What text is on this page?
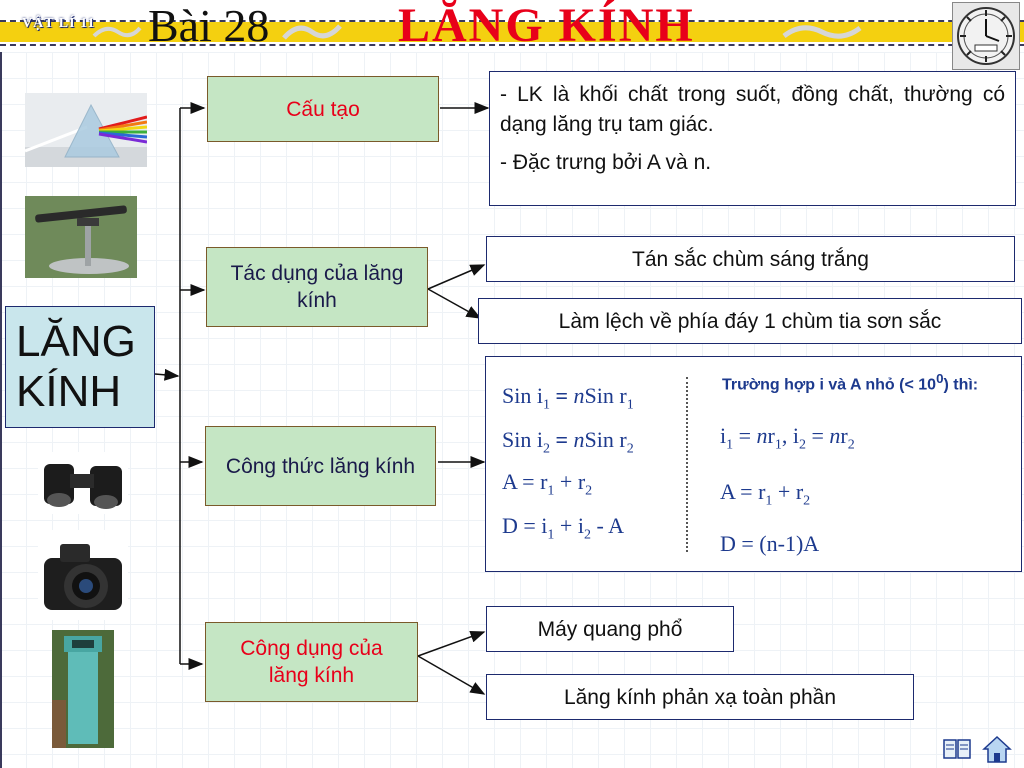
VẬT LÍ 11 Bài 28	LĂNG KÍNH
LĂNG KÍNH
Cấu tạo
Tác dụng của lăng kính
Công thức lăng kính
Công dụng của lăng kính

- LK là khối chất trong suốt, đồng chất, thường có dạng lăng trụ tam giác.

- Đặc trưng bởi A và n.

Tán sắc chùm sáng trắng
Làm lệch về phía đáy 1 chùm tia sơn sắc
Sin $i_1$ = nSin $r_1$
Sin $i_2$ = nSin $r_2$
$A = r_1 + r_2$
$D = i_1 + i_2 - A$
Trường hợp i và A nhỏ (< $10^0$) thì:
$i_1 = nr_1$, $i_2 = nr_2$
$A = r_1 + r_2$
D = (n-1)A
Máy quang phổ
Lăng kính phản xạ toàn phần
